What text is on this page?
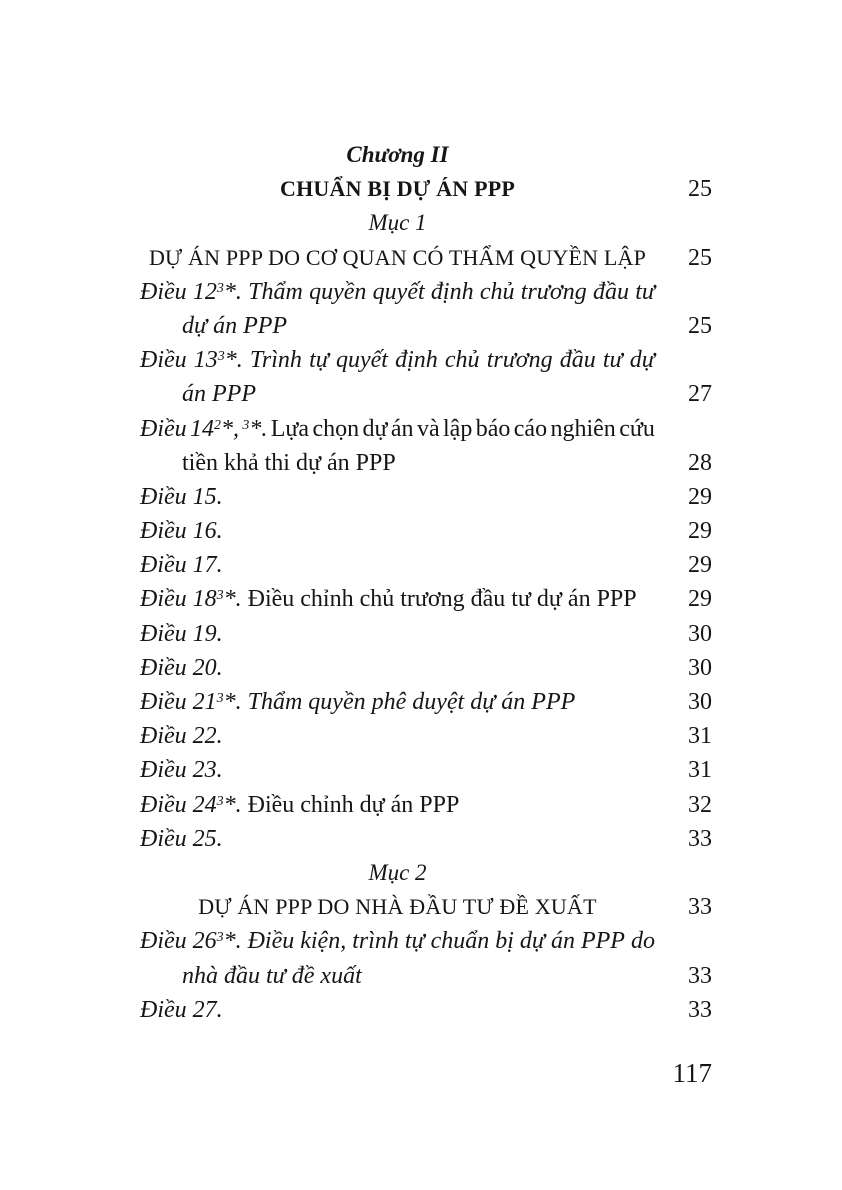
Chương II
CHUẨN BỊ DỰ ÁN PPP	25
Mục 1
DỰ ÁN PPP DO CƠ QUAN CÓ THẨM QUYỀN LẬP	25
Điều $12^3*$. Thẩm quyền quyết định chủ trương đầu tư
dự án PPP	25
Điều $13^3*$. Trình tự quyết định chủ trương đầu tư dự
án PPP	27
Điều $14^2*$, $^3$*. Lựa chọn dự án và lập báo cáo nghiên cứu
tiền khả thi dự án PPP	28
Điều 15.	29
Điều 16.	29
Điều 17.	29
Điều $18^3*$. Điều chỉnh chủ trương đầu tư dự án PPP 29
Điều 19.	30
Điều 20.	30
Điều $21^3*$. Thẩm quyền phê duyệt dự án PPP	30
Điều 22.	31
Điều 23.	31
Điều $24^3*$. Điều chỉnh dự án PPP	32
Điều 25.	33
Mục 2
DỰ ÁN PPP DO NHÀ ĐẦU TƯ ĐỀ XUẤT	33
Điều $26^3*$. Điều kiện, trình tự chuẩn bị dự án PPP do
nhà đầu tư đề xuất	33
Điều 27.	33
117
